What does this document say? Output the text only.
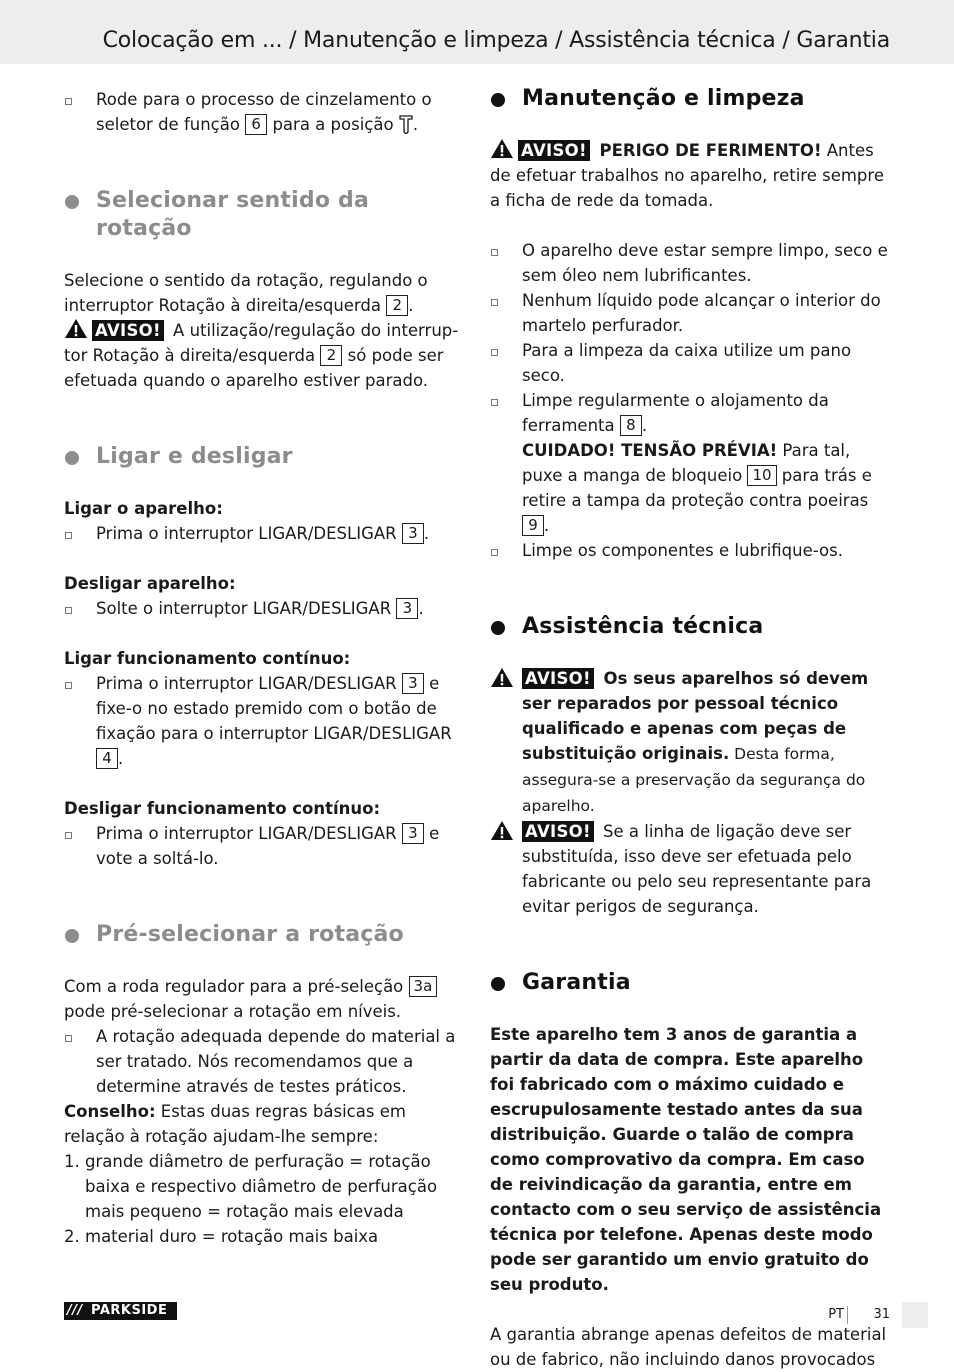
Colocação em ... / Manutenção e limpeza / Assistência técnica / Garantia

Rode para o processo de cinzelamento o seletor de função 6 para a posição .

Selecionar sentido da rotação

Selecione o sentido da rotação, regulando o interruptor Rotação à direita/esquerda 2 .

AVISO! A utilização/regulação do interruptor Rotação à direita/esquerda 2 só pode ser efetuada quando o aparelho estiver parado.

Ligar e desligar

Ligar o aparelho:

Prima o interruptor LIGAR/DESLIGAR 3 .

Desligar aparelho:

Solte o interruptor LIGAR/DESLIGAR 3 .

Ligar funcionamento contínuo:

Prima o interruptor LIGAR/DESLIGAR 3 e fixe-o no estado premido com o botão de fixação para o interruptor LIGAR/DESLIGAR 4 .

Desligar funcionamento contínuo:

Prima o interruptor LIGAR/DESLIGAR 3 e vote a soltá-lo.

Pré-selecionar a rotação

Com a roda regulador para a pré-seleção 3a pode pré-selecionar a rotação em níveis.

A rotação adequada depende do material a ser tratado. Nós recomendamos que a determine através de testes práticos.

Conselho: Estas duas regras básicas em relação à rotação ajudam-lhe sempre:

1. grande diâmetro de perfuração = rotação baixa e respectivo diâmetro de perfuração mais pequeno = rotação mais elevada

2. material duro = rotação mais baixa

Manutenção e limpeza

AVISO! PERIGO DE FERIMENTO! Antes de efetuar trabalhos no aparelho, retire sempre a ficha de rede da tomada.

O aparelho deve estar sempre limpo, seco e sem óleo nem lubrificantes.

Nenhum líquido pode alcançar o interior do martelo perfurador.

Para a limpeza da caixa utilize um pano seco.

Limpe regularmente o alojamento da ferramenta 8 .
CUIDADO! TENSÃO PRÉVIA! Para tal, puxe a manga de bloqueio 10 para trás e retire a tampa da proteção contra poeiras 9 .

Limpe os componentes e lubrifique-os.

Assistência técnica

AVISO! Os seus aparelhos só devem ser reparados por pessoal técnico qualificado e apenas com peças de substituição originais. Desta forma, assegura-se a preservação da segurança do aparelho.

AVISO! Se a linha de ligação deve ser substituída, isso deve ser efetuada pelo fabricante ou pelo seu representante para evitar perigos de segurança.

Garantia

Este aparelho tem 3 anos de garantia a partir da data de compra. Este aparelho foi fabricado com o máximo cuidado e escrupulosamente testado antes da sua distribuição. Guarde o talão de compra como comprovativo da compra. Em caso de reivindicação da garantia, entre em contacto com o seu serviço de assistência técnica por telefone. Apenas deste modo pode ser garantido um envio gratuito do seu produto.

A garantia abrange apenas defeitos de material ou de fabrico, não incluindo danos provocados

/// PARKSIDE	PT 31
